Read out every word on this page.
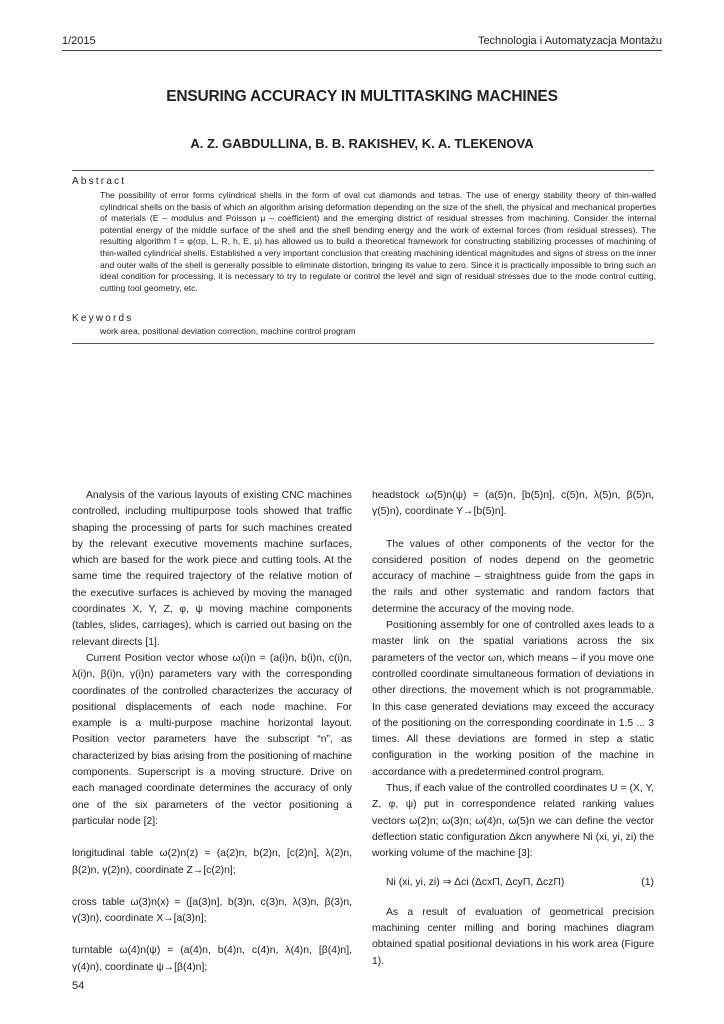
1/2015	Technologia i Automatyzacja Montażu
ENSURING ACCURACY IN MULTITASKING MACHINES
A. Z. GABDULLINA, B. B. RAKISHEV, K. A. TLEKENOVA
Abstract
The possibility of error forms cylindrical shells in the form of oval cut diamonds and tetras. The use of energy stability theory of thin-walled cylindrical shells on the basis of which an algorithm arising deformation depending on the size of the shell, the physical and mechanical properties of materials (E – modulus and Poisson μ – coefficient) and the emerging district of residual stresses from machining. Consider the internal potential energy of the middle surface of the shell and the shell bending energy and the work of external forces (from residual stresses). The resulting algorithm f = φ(σp, L, R, h, E, μ) has allowed us to build a theoretical framework for constructing stabilizing processes of machining of thin-walled cylindrical shells. Established a very important conclusion that creating machining identical magnitudes and signs of stress on the inner and outer walls of the shell is generally possible to eliminate distortion, bringing its value to zero. Since it is practically impossible to bring such an ideal condition for processing, it is necessary to try to regulate or control the level and sign of residual stresses due to the mode control cutting, cutting tool geometry, etc.
Keywords
work area, positional deviation correction, machine control program

Analysis of the various layouts of existing CNC machines controlled, including multipurpose tools showed that traffic shaping the processing of parts for such machines created by the relevant executive movements machine surfaces, which are based for the work piece and cutting tools. At the same time the required trajectory of the relative motion of the executive surfaces is achieved by moving the managed coordinates X, Y, Z, φ, ψ moving machine components (tables, slides, carriages), which is carried out basing on the relevant directs [1].

Current Position vector whose ω(i)n = (a(i)n, b(i)n, c(i)n, λ(i)n, β(i)n, γ(i)n) parameters vary with the corresponding coordinates of the controlled characterizes the accuracy of positional displacements of each node machine. For example is a multi-purpose machine horizontal layout. Position vector parameters have the subscript “n”, as characterized by bias arising from the positioning of machine components. Superscript is a moving structure. Drive on each managed coordinate determines the accuracy of only one of the six parameters of the vector positioning a particular node [2]:

longitudinal table ω(2)n(z) = (a(2)n, b(2)n, [c(2)n], λ(2)n, β(2)n, γ(2)n), coordinate Z→[c(2)n];

cross table ω(3)n(x) = ([a(3)n], b(3)n, c(3)n, λ(3)n, β(3)n, γ(3)n), coordinate X→[a(3)n];

turntable ω(4)n(ψ) = (a(4)n, b(4)n, c(4)n, λ(4)n, [β(4)n], γ(4)n), coordinate ψ→[β(4)n];

headstock ω(5)n(ψ) = (a(5)n, [b(5)n], c(5)n, λ(5)n, β(5)n, γ(5)n), coordinate Y→[b(5)n].

The values of other components of the vector for the considered position of nodes depend on the geometric accuracy of machine – straightness guide from the gaps in the rails and other systematic and random factors that determine the accuracy of the moving node.

Positioning assembly for one of controlled axes leads to a master link on the spatial variations across the six parameters of the vector ωn, which means – if you move one controlled coordinate simultaneous formation of deviations in other directions, the movement which is not programmable. In this case generated deviations may exceed the accuracy of the positioning on the corresponding coordinate in 1.5 ... 3 times. All these deviations are formed in step a static configuration in the working position of the machine in accordance with a predetermined control program.

Thus, if each value of the controlled coordinates U = (X, Y, Z, φ, ψ) put in correspondence related ranking values vectors ω(2)n; ω(3)n; ω(4)n, ω(5)n we can define the vector deflection static configuration Δkсп anywhere Ni (xi, yi, zi) the working volume of the machine [3]:

Ni (xi, yi, zi) ⇒ Δci (ΔcxП, ΔcyП, ΔczП)	(1)

As a result of evaluation of geometrical precision machining center milling and boring machines diagram obtained spatial positional deviations in his work area (Figure 1).

54
